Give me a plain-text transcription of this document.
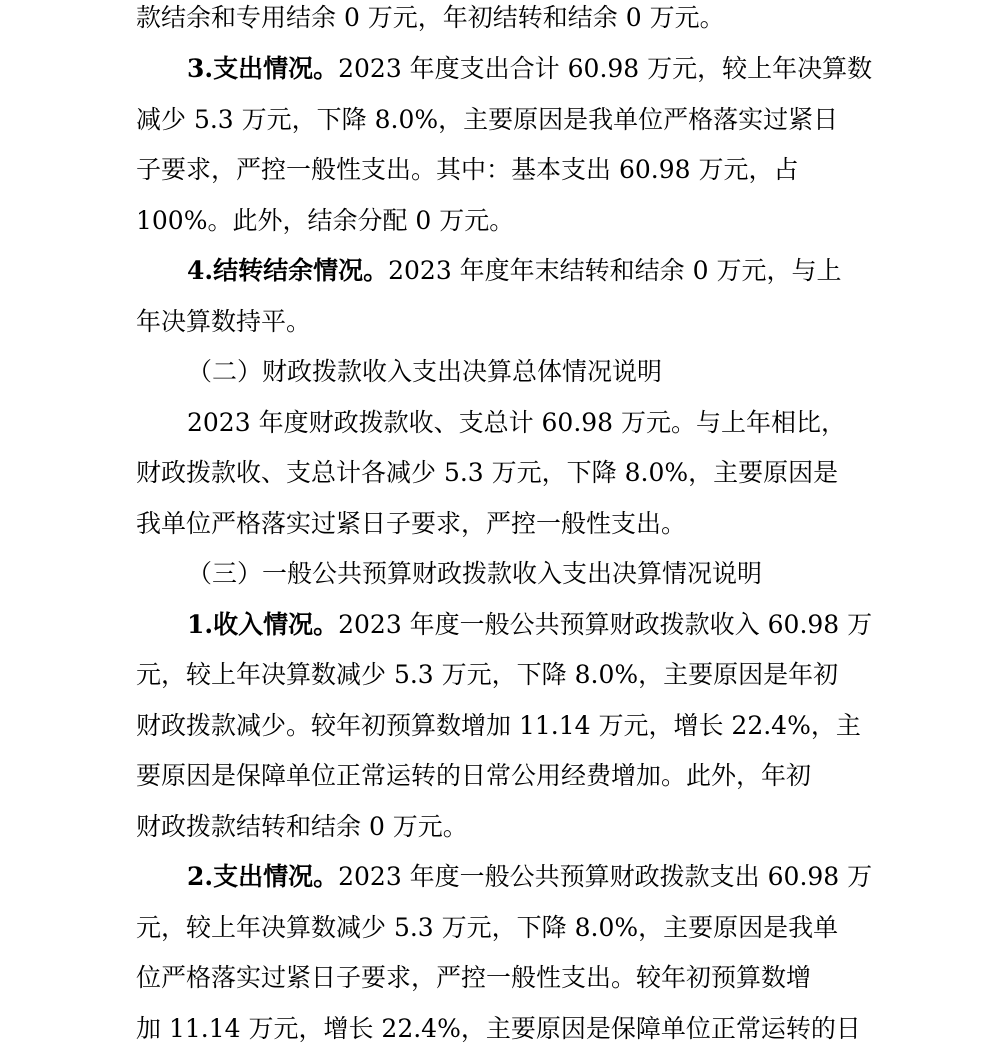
款结余和专用结余 0 万元，年初结转和结余 0 万元。
3.支出情况。2023 年度支出合计 60.98 万元，较上年决算数
减少 5.3 万元，下降 8.0%，主要原因是我单位严格落实过紧日
子要求，严控一般性支出。其中：基本支出 60.98 万元，占
100%。此外，结余分配 0 万元。
4.结转结余情况。2023 年度年末结转和结余 0 万元，与上
年决算数持平。
（二）财政拨款收入支出决算总体情况说明
2023 年度财政拨款收、支总计 60.98 万元。与上年相比，
财政拨款收、支总计各减少 5.3 万元，下降 8.0%，主要原因是
我单位严格落实过紧日子要求，严控一般性支出。
（三）一般公共预算财政拨款收入支出决算情况说明
1.收入情况。2023 年度一般公共预算财政拨款收入 60.98 万
元，较上年决算数减少 5.3 万元，下降 8.0%，主要原因是年初
财政拨款减少。较年初预算数增加 11.14 万元，增长 22.4%，主
要原因是保障单位正常运转的日常公用经费增加。此外，年初
财政拨款结转和结余 0 万元。
2.支出情况。2023 年度一般公共预算财政拨款支出 60.98 万
元，较上年决算数减少 5.3 万元，下降 8.0%，主要原因是我单
位严格落实过紧日子要求，严控一般性支出。较年初预算数增
加 11.14 万元，增长 22.4%，主要原因是保障单位正常运转的日
